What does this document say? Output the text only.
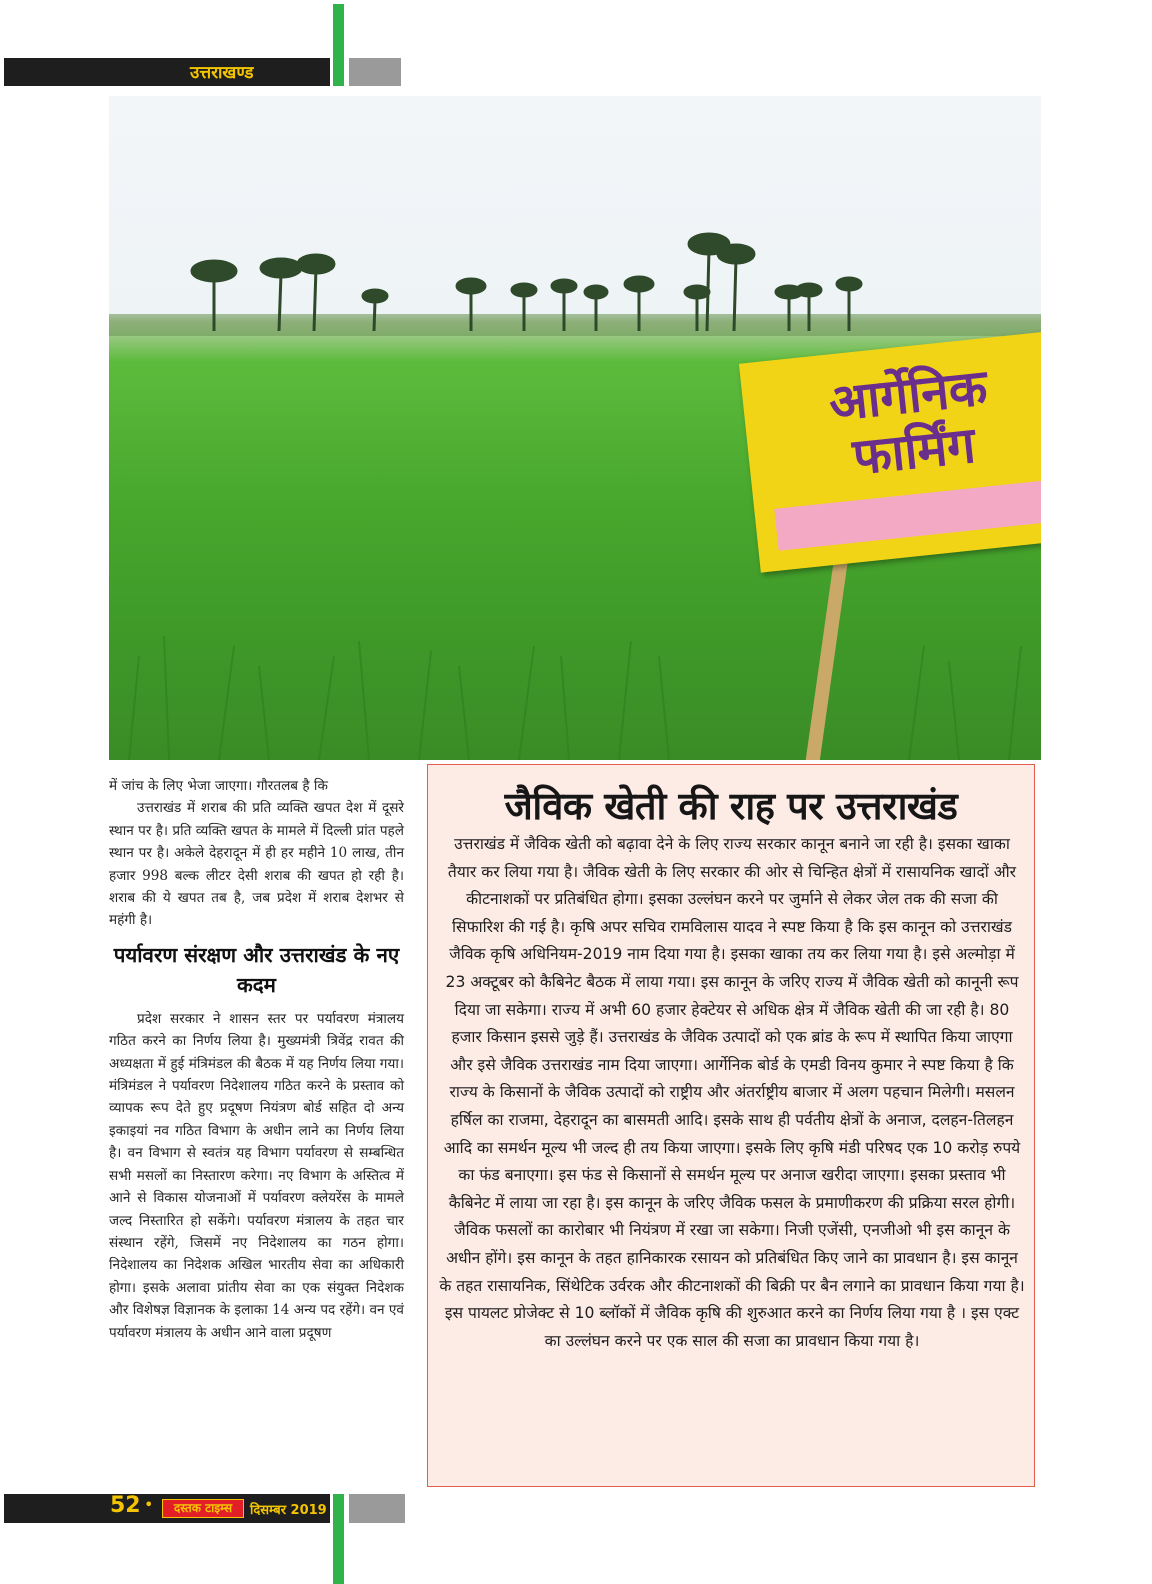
उत्तराखण्ड
आर्गेनिक
फार्मिंग

में जांच के लिए भेजा जाएगा। गौरतलब है कि

उत्तराखंड में शराब की प्रति व्यक्ति खपत देश में दूसरे स्थान पर है। प्रति व्यक्ति खपत के मामले में दिल्ली प्रांत पहले स्थान पर है। अकेले देहरादून में ही हर महीने 10 लाख, तीन हजार 998 बल्क लीटर देसी शराब की खपत हो रही है। शराब की ये खपत तब है, जब प्रदेश में शराब देशभर से महंगी है।

पर्यावरण संरक्षण और उत्तराखंड के नए कदम

प्रदेश सरकार ने शासन स्तर पर पर्यावरण मंत्रालय गठित करने का निर्णय लिया है। मुख्यमंत्री त्रिवेंद्र रावत की अध्यक्षता में हुई मंत्रिमंडल की बैठक में यह निर्णय लिया गया। मंत्रिमंडल ने पर्यावरण निदेशालय गठित करने के प्रस्ताव को व्यापक रूप देते हुए प्रदूषण नियंत्रण बोर्ड सहित दो अन्य इकाइयां नव गठित विभाग के अधीन लाने का निर्णय लिया है। वन विभाग से स्वतंत्र यह विभाग पर्यावरण से सम्बन्धित सभी मसलों का निस्तारण करेगा। नए विभाग के अस्तित्व में आने से विकास योजनाओं में पर्यावरण क्लेयरेंस के मामले जल्द निस्तारित हो सकेंगे। पर्यावरण मंत्रालय के तहत चार संस्थान रहेंगे, जिसमें नए निदेशालय का गठन होगा। निदेशालय का निदेशक अखिल भारतीय सेवा का अधिकारी होगा। इसके अलावा प्रांतीय सेवा का एक संयुक्त निदेशक और विशेषज्ञ विज्ञानक के इलाका 14 अन्य पद रहेंगे। वन एवं पर्यावरण मंत्रालय के अधीन आने वाला प्रदूषण

जैविक खेती की राह पर उत्तराखंड

उत्तराखंड में जैविक खेती को बढ़ावा देने के लिए राज्य सरकार कानून बनाने जा रही है। इसका खाका तैयार कर लिया गया है। जैविक खेती के लिए सरकार की ओर से चिन्हित क्षेत्रों में रासायनिक खादों और कीटनाशकों पर प्रतिबंधित होगा। इसका उल्लंघन करने पर जुर्माने से लेकर जेल तक की सजा की सिफारिश की गई है। कृषि अपर सचिव रामविलास यादव ने स्पष्ट किया है कि इस कानून को उत्तराखंड जैविक कृषि अधिनियम-2019 नाम दिया गया है। इसका खाका तय कर लिया गया है। इसे अल्मोड़ा में 23 अक्टूबर को कैबिनेट बैठक में लाया गया। इस कानून के जरिए राज्य में जैविक खेती को कानूनी रूप दिया जा सकेगा। राज्य में अभी 60 हजार हेक्टेयर से अधिक क्षेत्र में जैविक खेती की जा रही है। 80 हजार किसान इससे जुड़े हैं। उत्तराखंड के जैविक उत्पादों को एक ब्रांड के रूप में स्थापित किया जाएगा और इसे जैविक उत्तराखंड नाम दिया जाएगा। आर्गेनिक बोर्ड के एमडी विनय कुमार ने स्पष्ट किया है कि राज्य के किसानों के जैविक उत्पादों को राष्ट्रीय और अंतर्राष्ट्रीय बाजार में अलग पहचान मिलेगी। मसलन हर्षिल का राजमा, देहरादून का बासमती आदि। इसके साथ ही पर्वतीय क्षेत्रों के अनाज, दलहन-तिलहन आदि का समर्थन मूल्य भी जल्द ही तय किया जाएगा। इसके लिए कृषि मंडी परिषद एक 10 करोड़ रुपये का फंड बनाएगा। इस फंड से किसानों से समर्थन मूल्य पर अनाज खरीदा जाएगा। इसका प्रस्ताव भी कैबिनेट में लाया जा रहा है। इस कानून के जरिए जैविक फसल के प्रमाणीकरण की प्रक्रिया सरल होगी। जैविक फसलों का कारोबार भी नियंत्रण में रखा जा सकेगा। निजी एजेंसी, एनजीओ भी इस कानून के अधीन होंगे। इस कानून के तहत हानिकारक रसायन को प्रतिबंधित किए जाने का प्रावधान है। इस कानून के तहत रासायनिक, सिंथेटिक उर्वरक और कीटनाशकों की बिक्री पर बैन लगाने का प्रावधान किया गया है। इस पायलट प्रोजेक्ट से 10 ब्लॉकों में जैविक कृषि की शुरुआत करने का निर्णय लिया गया है । इस एक्ट का उल्लंघन करने पर एक साल की सजा का प्रावधान किया गया है।

52 •	दस्तक टाइम्स	दिसम्बर 2019
